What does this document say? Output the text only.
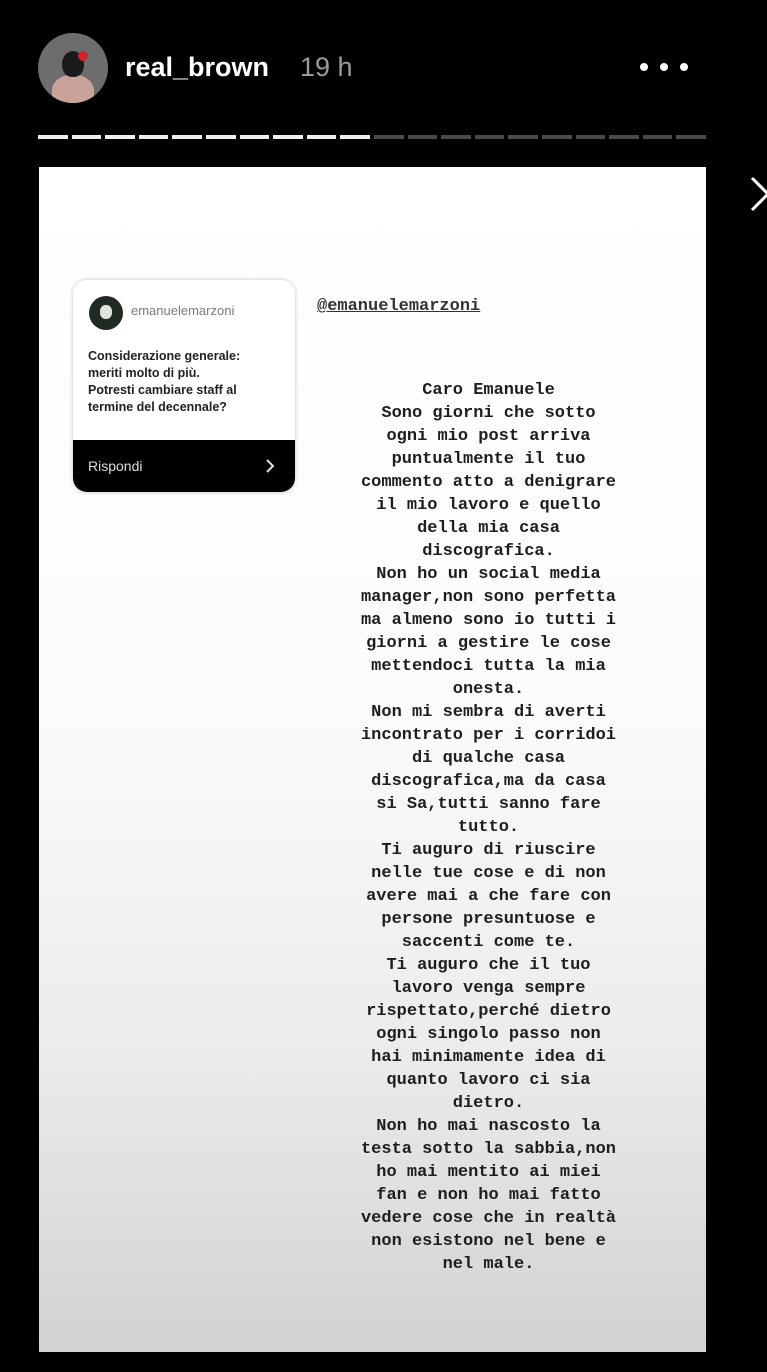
real_brown 19 h
emanuelemarzoni
Considerazione generale:
meriti molto di più.
Potresti cambiare staff al
termine del decennale?
Rispondi
@emanuelemarzoni
Caro Emanuele
Sono giorni che sotto
ogni mio post arriva
puntualmente il tuo
commento atto a denigrare
il mio lavoro e quello
della mia casa
discografica.
Non ho un social media
manager,non sono perfetta
ma almeno sono io tutti i
giorni a gestire le cose
mettendoci tutta la mia
onesta.
Non mi sembra di averti
incontrato per i corridoi
di qualche casa
discografica,ma da casa
si Sa,tutti sanno fare
tutto.
Ti auguro di riuscire
nelle tue cose e di non
avere mai a che fare con
persone presuntuose e
saccenti come te.
Ti auguro che il tuo
lavoro venga sempre
rispettato,perché dietro
ogni singolo passo non
hai minimamente idea di
quanto lavoro ci sia
dietro.
Non ho mai nascosto la
testa sotto la sabbia,non
ho mai mentito ai miei
fan e non ho mai fatto
vedere cose che in realtà
non esistono nel bene e
nel male.
